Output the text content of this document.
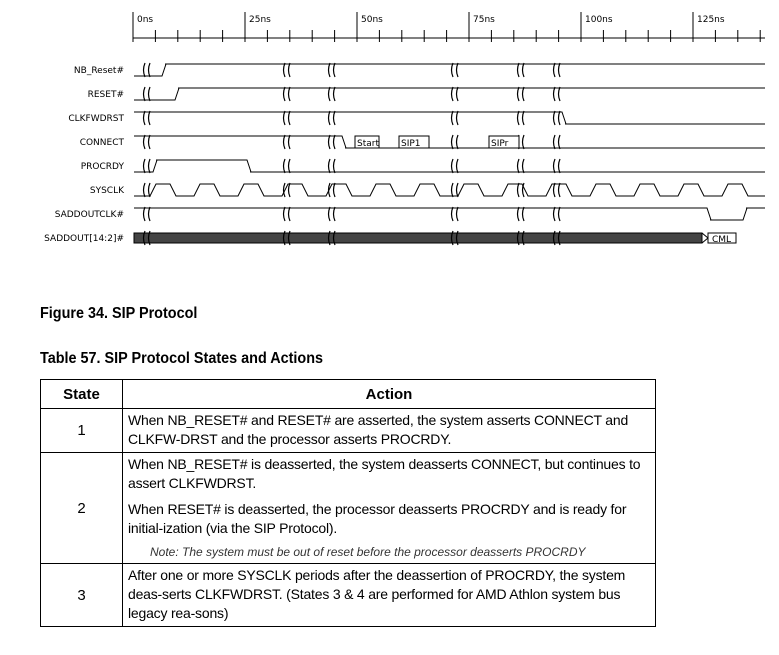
0ns	25ns	50ns	75ns	100ns	125ns
NB_Reset#
RESET#
CLKFWDRST
CONNECT
PROCRDY
SYSCLK
SADDOUTCLK#
SADDOUT[14:2]#
Start SIP1	SIPr
CML
Figure 34. SIP Protocol
Table 57. SIP Protocol States and Actions
State	Action
1	When NB_RESET# and RESET# are asserted, the system asserts CONNECT and CLKFW-DRST and the processor asserts PROCRDY.

2	When NB_RESET# is deasserted, the system deasserts CONNECT, but continues to assert CLKFWDRST.
When RESET# is deasserted, the processor deasserts PROCRDY and is ready for initial-ization (via the SIP Protocol).
Note: The system must be out of reset before the processor deasserts PROCRDY

3	After one or more SYSCLK periods after the deassertion of PROCRDY, the system deas-serts CLKFWDRST. (States 3 & 4 are performed for AMD Athlon system bus legacy rea-sons)
